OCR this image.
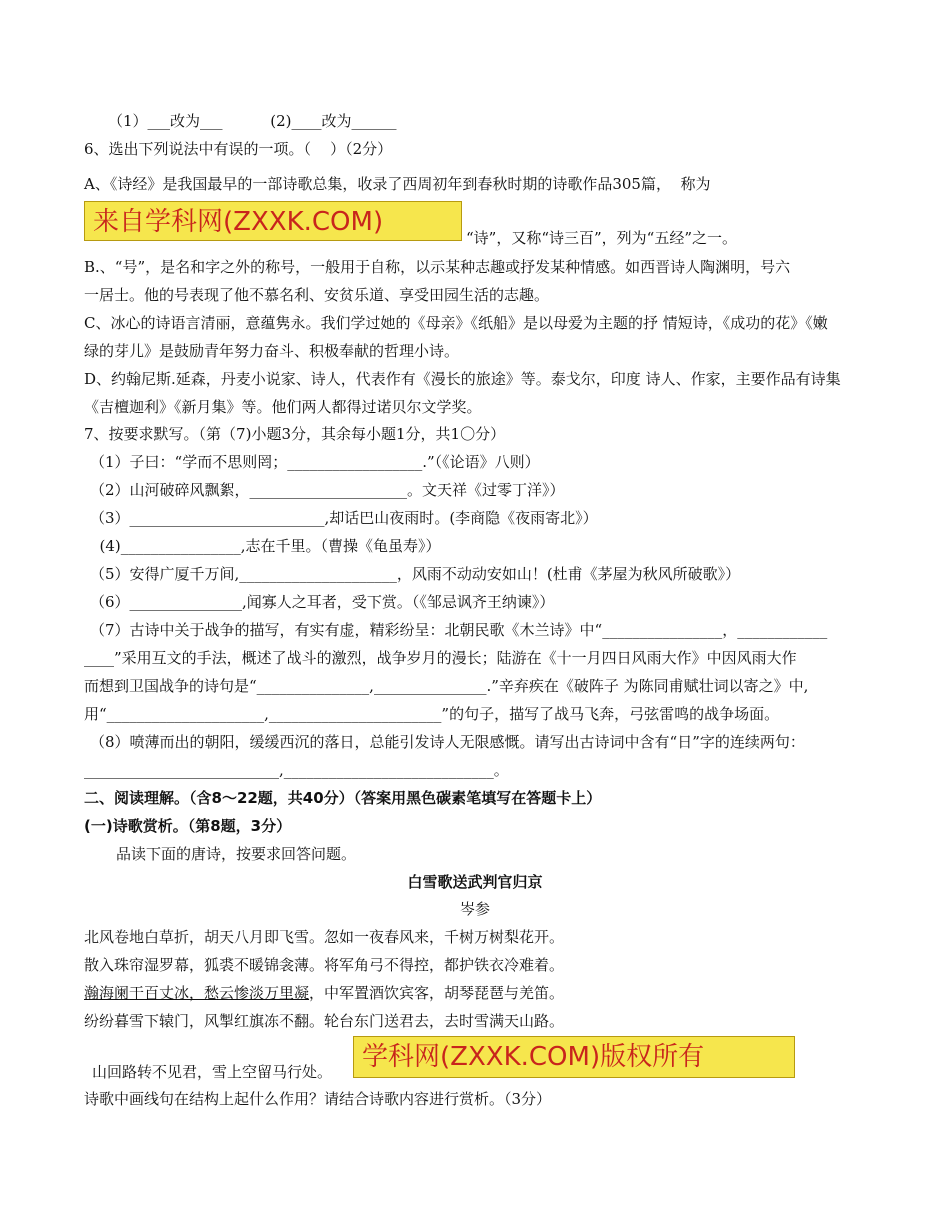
（1）___改为___          (2)____改为______
6、选出下列说法中有误的一项。（    ）（2分）
A、《诗经》是我国最早的一部诗歌总集，收录了西周初年到春秋时期的诗歌作品305篇，  称为
来自学科网(ZXXK.COM)
“诗”，又称“诗三百”，列为“五经”之一。
B.、“号”，是名和字之外的称号，一般用于自称，以示某种志趣或抒发某种情感。如西晋诗人陶渊明，号六
一居士。他的号表现了他不慕名利、安贫乐道、享受田园生活的志趣。
C、冰心的诗语言清丽，意蕴隽永。我们学过她的《母亲》《纸船》是以母爱为主题的抒 情短诗，《成功的花》《嫩
绿的芽儿》是鼓励青年努力奋斗、积极奉献的哲理小诗。
D、约翰尼斯.延森，丹麦小说家、诗人，代表作有《漫长的旅途》等。泰戈尔，印度 诗人、作家，主要作品有诗集
《吉檀迦利》《新月集》等。他们两人都得过诺贝尔文学奖。
7、按要求默写。（第（7)小题3分，其余每小题1分，共1〇分）
（1）子曰：“学而不思则罔；__________________.”（《论语》八则）
（2）山河破碎风飘絮，_____________________。文天祥《过零丁洋》）
（3）__________________________,却话巴山夜雨时。(李商隐《夜雨寄北》）
(4)________________,志在千里。（曹操《龟虽寿》）
（5）安得广厦千万间,_____________________，风雨不动动安如山！(杜甫《茅屋为秋风所破歌》）
（6）_______________,闻寡人之耳者，受下赏。（《邹忌讽齐王纳谏》）
（7）古诗中关于战争的描写，有实有虚，精彩纷呈：北朝民歌《木兰诗》中“________________，____________
____”采用互文的手法，概述了战斗的激烈，战争岁月的漫长；陆游在《十一月四日风雨大作》中因风雨大作
而想到卫国战争的诗句是“_______________,_______________.”辛弃疾在《破阵子 为陈同甫赋壮词以寄之》中,
用“_____________________,_______________________”的句子，描写了战马飞奔，弓弦雷鸣的战争场面。
（8）喷薄而出的朝阳，缓缓西沉的落日，总能引发诗人无限感慨。请写出古诗词中含有“日”字的连续两句：
__________________________,____________________________。
二、阅读理解。（含8～22题，共40分）（答案用黑色碳素笔填写在答题卡上）
(一)诗歌赏析。（第8题，3分）
品读下面的唐诗，按要求回答问题。
白雪歌送武判官归京
岑参
北风卷地白草折，胡天八月即飞雪。忽如一夜春风来，千树万树梨花开。
散入珠帘湿罗幕，狐裘不暖锦衾薄。将军角弓不得控，都护铁衣冷难着。
瀚海阑干百丈冰，愁云惨淡万里凝，中军置酒饮宾客，胡琴琵琶与羌笛。
纷纷暮雪下辕门，风掣红旗冻不翻。轮台东门送君去，去时雪满天山路。
山回路转不见君，雪上空留马行处。	学科网(ZXXK.COM)版权所有
诗歌中画线句在结构上起什么作用？请结合诗歌内容进行赏析。（3分）
